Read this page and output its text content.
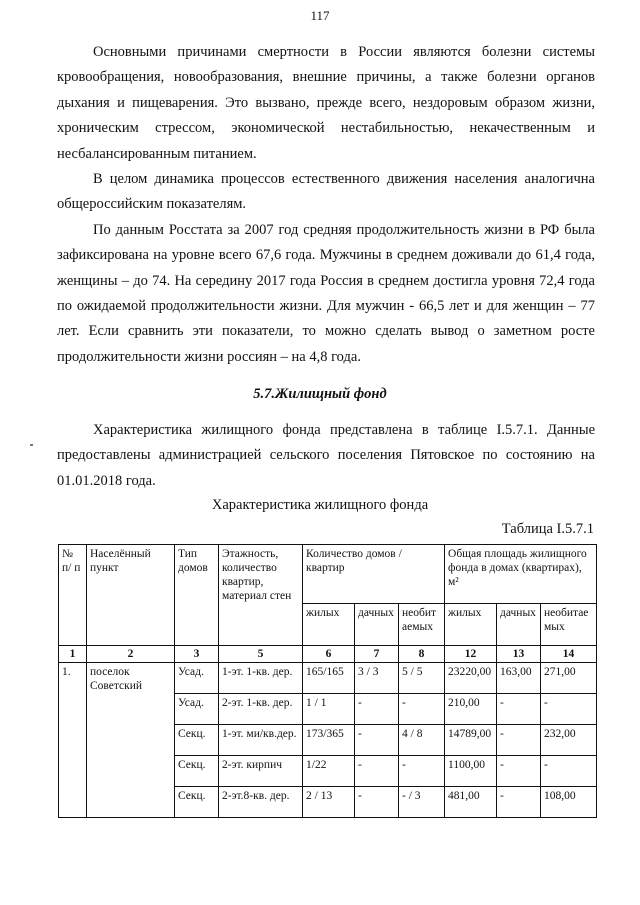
117

Основными причинами смертности в России являются болезни системы кровообращения, новообразования, внешние причины, а также болезни органов дыхания и пищеварения. Это вызвано, прежде всего, нездоровым образом жизни, хроническим стрессом, экономической нестабильностью, некачественным и несбалансированным питанием.

В целом динамика процессов естественного движения населения аналогична общероссийским показателям.

По данным Росстата за 2007 год средняя продолжительность жизни в РФ была зафиксирована на уровне всего 67,6 года. Мужчины в среднем доживали до 61,4 года, женщины – до 74. На середину 2017 года Россия в среднем достигла уровня 72,4 года по ожидаемой продолжительности жизни. Для мужчин - 66,5 лет и для женщин – 77 лет. Если сравнить эти показатели, то можно сделать вывод о заметном росте продолжительности жизни россиян – на 4,8 года.

5.7.Жилищный фонд

Характеристика жилищного фонда представлена в таблице I.5.7.1. Данные предоставлены администрацией сельского поселения Пятовское по состоянию на 01.01.2018 года.

Характеристика жилищного фонда
Таблица I.5.7.1
№ п/ п	Населённый пункт	Тип домов	Этажность, количество квартир, материал стен	Количество домов / квартир			Общая площадь жилищного фонда в домах (квартирах), м²		
				жилых	дачных	необитаемых	жилых	дачных	необитаемых
1	2	3	5	6	7	8	12	13	14
1.	поселок Советский	Усад.	1-эт. 1-кв. дер.	165/165	3 / 3	5 / 5	23220,00	163,00	271,00
		Усад.	2-эт. 1-кв. дер.	1 / 1	-	-	210,00	-	-
		Секц.	1-эт. ми/кв.дер.	173/365	-	4 / 8	14789,00	-	232,00
		Секц.	2-эт. кирпич	1/22	-	-	1100,00	-	-
		Секц.	2-эт.8-кв. дер.	2 / 13	-	- / 3	481,00	-	108,00
